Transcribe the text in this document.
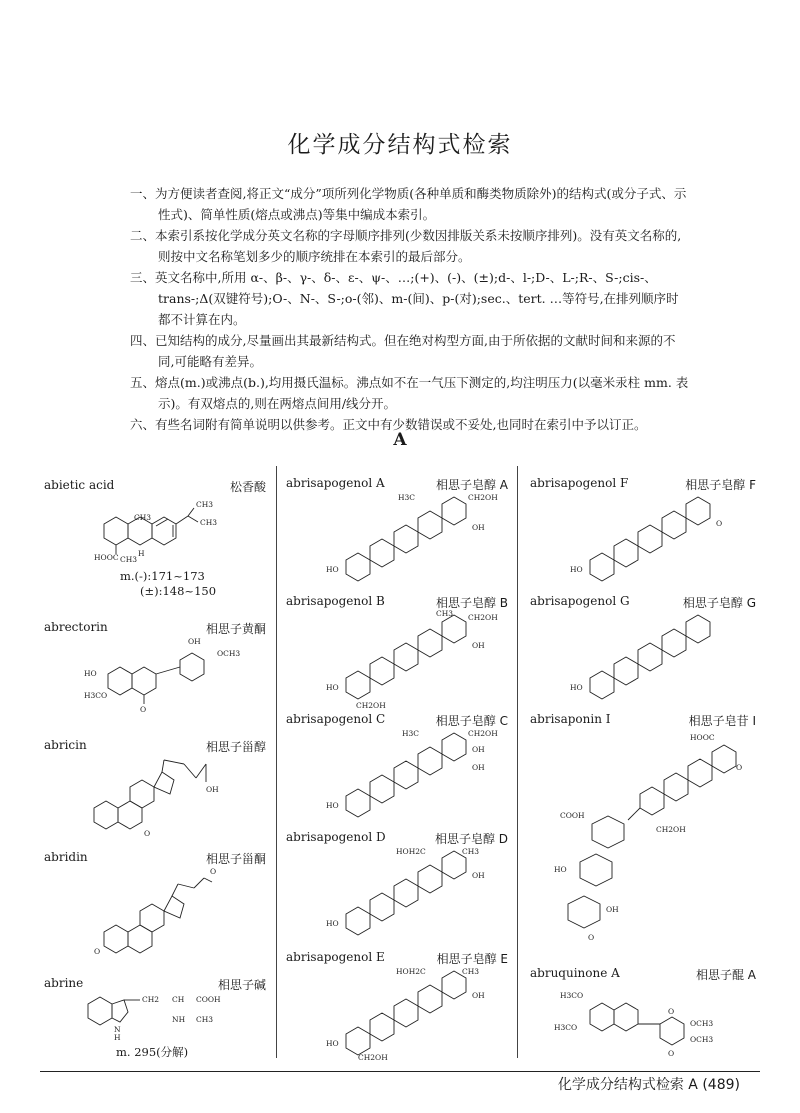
化学成分结构式检索
一、为方便读者查阅,将正文“成分”项所列化学物质(各种单质和酶类物质除外)的结构式(或分子式、示性式)、简单性质(熔点或沸点)等集中编成本索引。
二、本索引系按化学成分英文名称的字母顺序排列(少数因排版关系未按顺序排列)。没有英文名称的,则按中文名称笔划多少的顺序统排在本索引的最后部分。
三、英文名称中,所用 α-、β-、γ-、δ-、ε-、ψ-、…;(+)、(-)、(±);d-、l-;D-、L-;R-、S-;cis-、trans-;Δ(双键符号);O-、N-、S-;o-(邻)、m-(间)、p-(对);sec.、tert. …等符号,在排列顺序时都不计算在内。
四、已知结构的成分,尽量画出其最新结构式。但在绝对构型方面,由于所依据的文献时间和来源的不同,可能略有差异。
五、熔点(m.)或沸点(b.),均用摄氏温标。沸点如不在一气压下测定的,均注明压力(以毫米汞柱 mm. 表示)。有双熔点的,则在两熔点间用/线分开。
六、有些名词附有简单说明以供参考。正文中有少数错误或不妥处,也同时在索引中予以订正。
A
abietic acid	松香酸
CH3
CH3
CH3
H
HOOC CH3
m.(-):171~173
(±):148~150
abrectorin	相思子黄酮
OCH3
OH
HO
H3CO
O
abricin	相思子甾醇
OH
O
abridin	相思子甾酮
O
O
abrine	相思子碱
CH2 CH COOH
NH CH3
N
H
m. 295(分解)
abrisapogenol A	相思子皂醇 A
H3C	CH2OH
OH
HO
abrisapogenol B	相思子皂醇 B
CH3 CH2OH
OH
HO
CH2OH
abrisapogenol C	相思子皂醇 C
H3C	CH2OH
OH
OH
HO
abrisapogenol D	相思子皂醇 D
HOH2C	CH3
OH
HO
abrisapogenol E	相思子皂醇 E
HOH2C	CH3
OH
HO
CH2OH
abrisapogenol F	相思子皂醇 F
O
HO
abrisapogenol G	相思子皂醇 G
HO
abrisaponin I	相思子皂苷 I
HOOC
O
COOH
CH2OH
HO
OH
O
abruquinone A	相思子醌 A
H3CO
H3CO	OCH3
OCH3
O
O
化学成分结构式检索 A (489)
